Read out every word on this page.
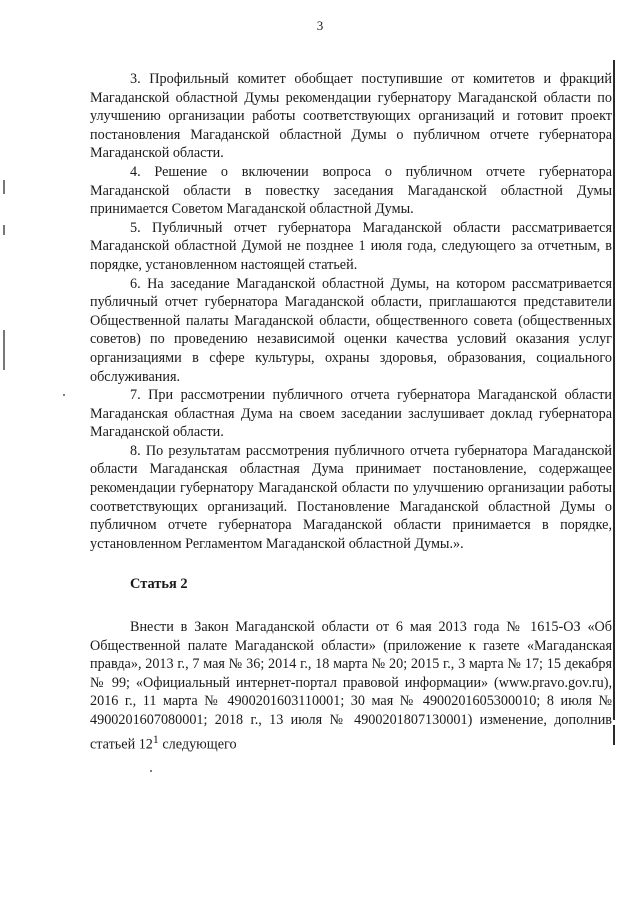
3

3. Профильный комитет обобщает поступившие от комитетов и фракций Магаданской областной Думы рекомендации губернатору Магаданской области по улучшению организации работы соответствующих организаций и готовит проект постановления Магаданской областной Думы о публичном отчете губернатора Магаданской области.

4. Решение о включении вопроса о публичном отчете губернатора Магаданской области в повестку заседания Магаданской областной Думы принимается Советом Магаданской областной Думы.

5. Публичный отчет губернатора Магаданской области рассматривается Магаданской областной Думой не позднее 1 июля года, следующего за отчетным, в порядке, установленном настоящей статьей.

6. На заседание Магаданской областной Думы, на котором рассматривается публичный отчет губернатора Магаданской области, приглашаются представители Общественной палаты Магаданской области, общественного совета (общественных советов) по проведению независимой оценки качества условий оказания услуг организациями в сфере культуры, охраны здоровья, образования, социального обслуживания.

7. При рассмотрении публичного отчета губернатора Магаданской области Магаданская областная Дума на своем заседании заслушивает доклад губернатора Магаданской области.

8. По результатам рассмотрения публичного отчета губернатора Магаданской области Магаданская областная Дума принимает постановление, содержащее рекомендации губернатору Магаданской области по улучшению организации работы соответствующих организаций. Постановление Магаданской областной Думы о публичном отчете губернатора Магаданской области принимается в порядке, установленном Регламентом Магаданской областной Думы.».

Статья 2

Внести в Закон Магаданской области от 6 мая 2013 года № 1615-ОЗ «Об Общественной палате Магаданской области» (приложение к газете «Магаданская правда», 2013 г., 7 мая № 36; 2014 г., 18 марта № 20; 2015 г., 3 марта № 17; 15 декабря № 99; «Официальный интернет-портал правовой информации» (www.pravo.gov.ru), 2016 г., 11 марта № 4900201603110001; 30 мая № 4900201605300010; 8 июля № 4900201607080001; 2018 г., 13 июля № 4900201807130001) изменение, дополнив статьей $12^1$ следующего
